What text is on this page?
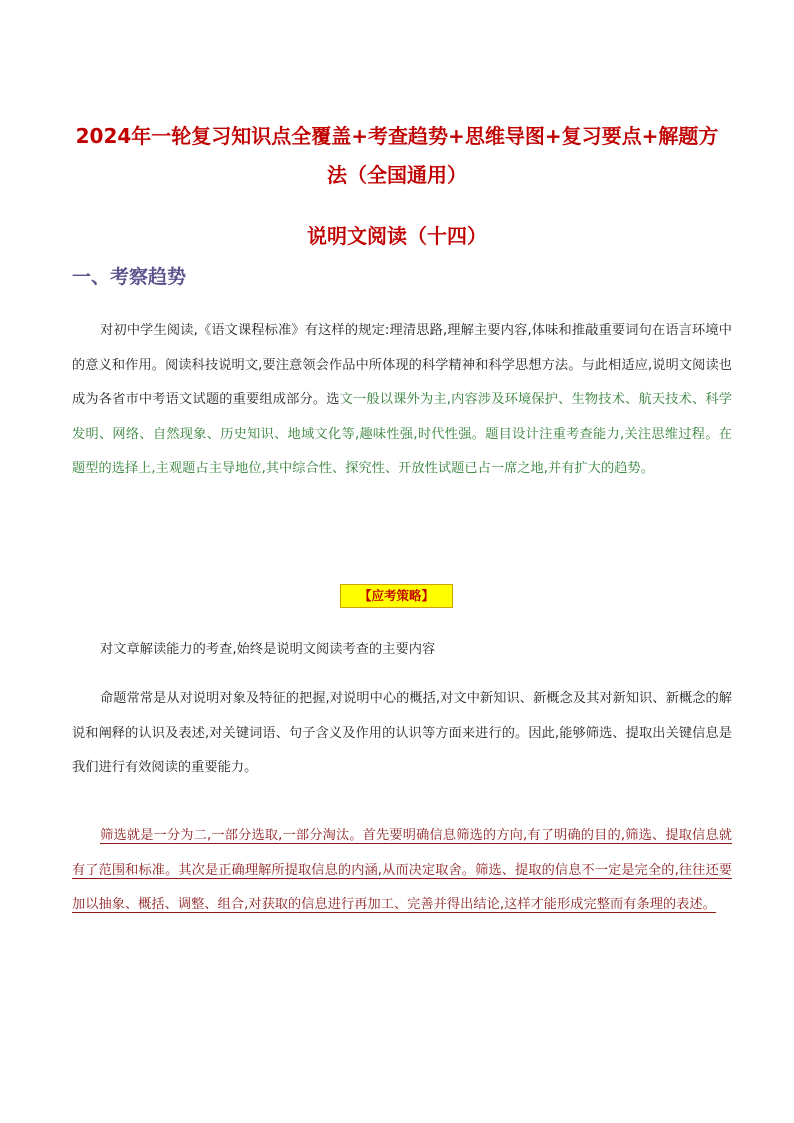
2024年一轮复习知识点全覆盖+考查趋势+思维导图+复习要点+解题方

法（全国通用）

说明文阅读（十四）

一、考察趋势

对初中学生阅读,《语文课程标准》有这样的规定:理清思路,理解主要内容,体味和推敲重要词句在语言环境中的意义和作用。阅读科技说明文,要注意领会作品中所体现的科学精神和科学思想方法。与此相适应,说明文阅读也成为各省市中考语文试题的重要组成部分。选文一般以课外为主,内容涉及环境保护、生物技术、航天技术、科学发明、网络、自然现象、历史知识、地域文化等,趣味性强,时代性强。题目设计注重考查能力,关注思维过程。在题型的选择上,主观题占主导地位,其中综合性、探究性、开放性试题已占一席之地,并有扩大的趋势。

【应考策略】

对文章解读能力的考查,始终是说明文阅读考查的主要内容

命题常常是从对说明对象及特征的把握,对说明中心的概括,对文中新知识、新概念及其对新知识、新概念的解说和阐释的认识及表述,对关键词语、句子含义及作用的认识等方面来进行的。因此,能够筛选、提取出关键信息是我们进行有效阅读的重要能力。

筛选就是一分为二,一部分选取,一部分淘汰。首先要明确信息筛选的方向,有了明确的目的,筛选、提取信息就有了范围和标准。其次是正确理解所提取信息的内涵,从而决定取舍。筛选、提取的信息不一定是完全的,往往还要加以抽象、概括、调整、组合,对获取的信息进行再加工、完善并得出结论,这样才能形成完整而有条理的表述。
